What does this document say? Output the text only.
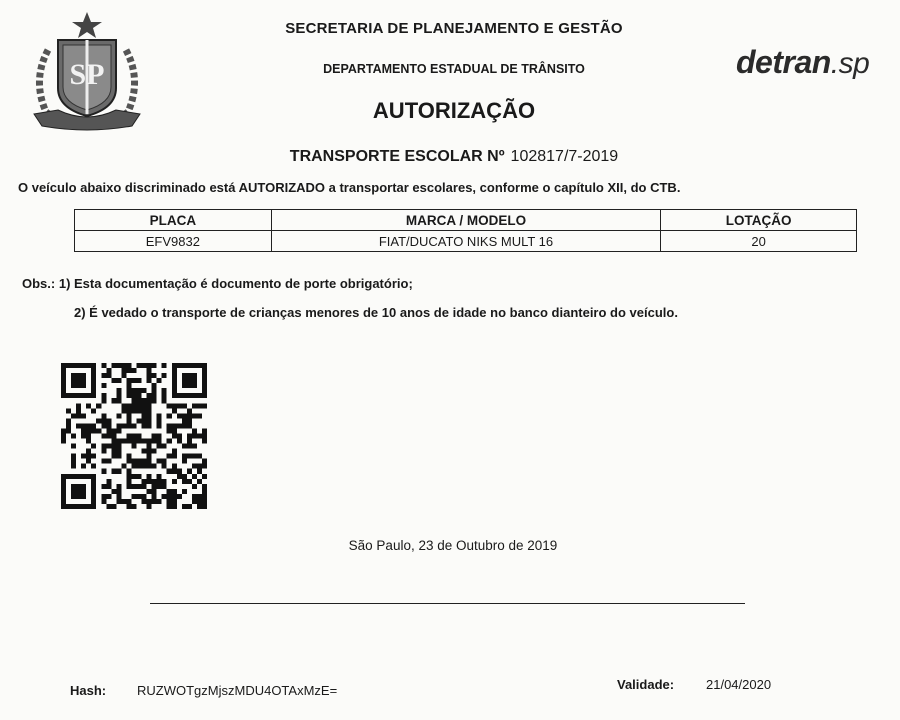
SP
SECRETARIA DE PLANEJAMENTO E GESTÃO
DEPARTAMENTO ESTADUAL DE TRÂNSITO
AUTORIZAÇÃO
detran.sp
TRANSPORTE ESCOLAR Nº 102817/7-2019
O veículo abaixo discriminado está AUTORIZADO a transportar escolares, conforme o capítulo XII, do CTB.
PLACA	MARCA / MODELO	LOTAÇÃO
EFV9832	FIAT/DUCATO NIKS MULT 16	20
Obs.: 1) Esta documentação é documento de porte obrigatório;
2) É vedado o transporte de crianças menores de 10 anos de idade no banco dianteiro do veículo.
São Paulo, 23 de Outubro de 2019
Hash: RUZWOTgzMjszMDU4OTAxMzE=	Validade: 21/04/2020
